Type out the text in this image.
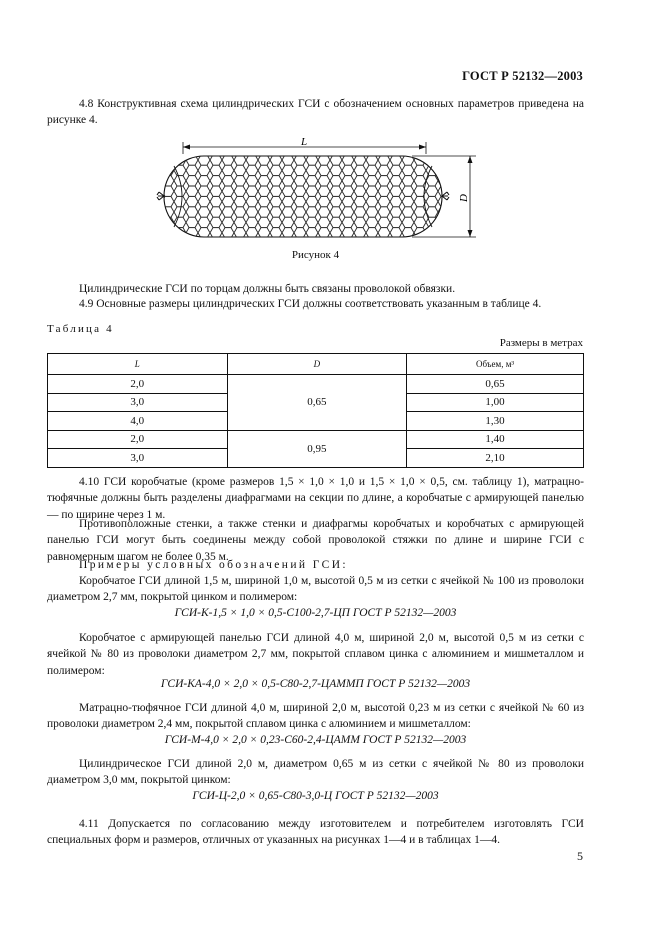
ГОСТ Р 52132—2003

4.8 Конструктивная схема цилиндрических ГСИ с обозначением основных параметров приведена на рисунке 4.

L
D
Рисунок 4

Цилиндрические ГСИ по торцам должны быть связаны проволокой обвязки.

4.9 Основные размеры цилиндрических ГСИ должны соответствовать указанным в таблице 4.

Таблица 4
Размеры в метрах
L	D	Объем, м³
2,0	0,65	0,65
3,0		1,00
4,0		1,30
2,0	0,95	1,40
3,0		2,10

4.10 ГСИ коробчатые (кроме размеров 1,5 × 1,0 × 1,0 и 1,5 × 1,0 × 0,5, см. таблицу 1), матрацно-тюфячные должны быть разделены диафрагмами на секции по длине, а коробчатые с армирующей панелью — по ширине через 1 м.

Противоположные стенки, а также стенки и диафрагмы коробчатых и коробчатых с армирующей панелью ГСИ могут быть соединены между собой проволокой стяжки по длине и ширине ГСИ с равномерным шагом не более 0,35 м.

Примеры условных обозначений ГСИ:

Коробчатое ГСИ длиной 1,5 м, шириной 1,0 м, высотой 0,5 м из сетки с ячейкой № 100 из проволоки диаметром 2,7 мм, покрытой цинком и полимером:

ГСИ-К-1,5 × 1,0 × 0,5-С100-2,7-ЦП ГОСТ Р 52132—2003

Коробчатое с армирующей панелью ГСИ длиной 4,0 м, шириной 2,0 м, высотой 0,5 м из сетки с ячейкой № 80 из проволоки диаметром 2,7 мм, покрытой сплавом цинка с алюминием и мишметаллом и полимером:

ГСИ-КА-4,0 × 2,0 × 0,5-С80-2,7-ЦАММП ГОСТ Р 52132—2003

Матрацно-тюфячное ГСИ длиной 4,0 м, шириной 2,0 м, высотой 0,23 м из сетки с ячейкой № 60 из проволоки диаметром 2,4 мм, покрытой сплавом цинка с алюминием и мишметаллом:

ГСИ-М-4,0 × 2,0 × 0,23-С60-2,4-ЦАММ ГОСТ Р 52132—2003

Цилиндрическое ГСИ длиной 2,0 м, диаметром 0,65 м из сетки с ячейкой № 80 из проволоки диаметром 3,0 мм, покрытой цинком:

ГСИ-Ц-2,0 × 0,65-С80-3,0-Ц ГОСТ Р 52132—2003

4.11 Допускается по согласованию между изготовителем и потребителем изготовлять ГСИ специальных форм и размеров, отличных от указанных на рисунках 1—4 и в таблицах 1—4.

5
